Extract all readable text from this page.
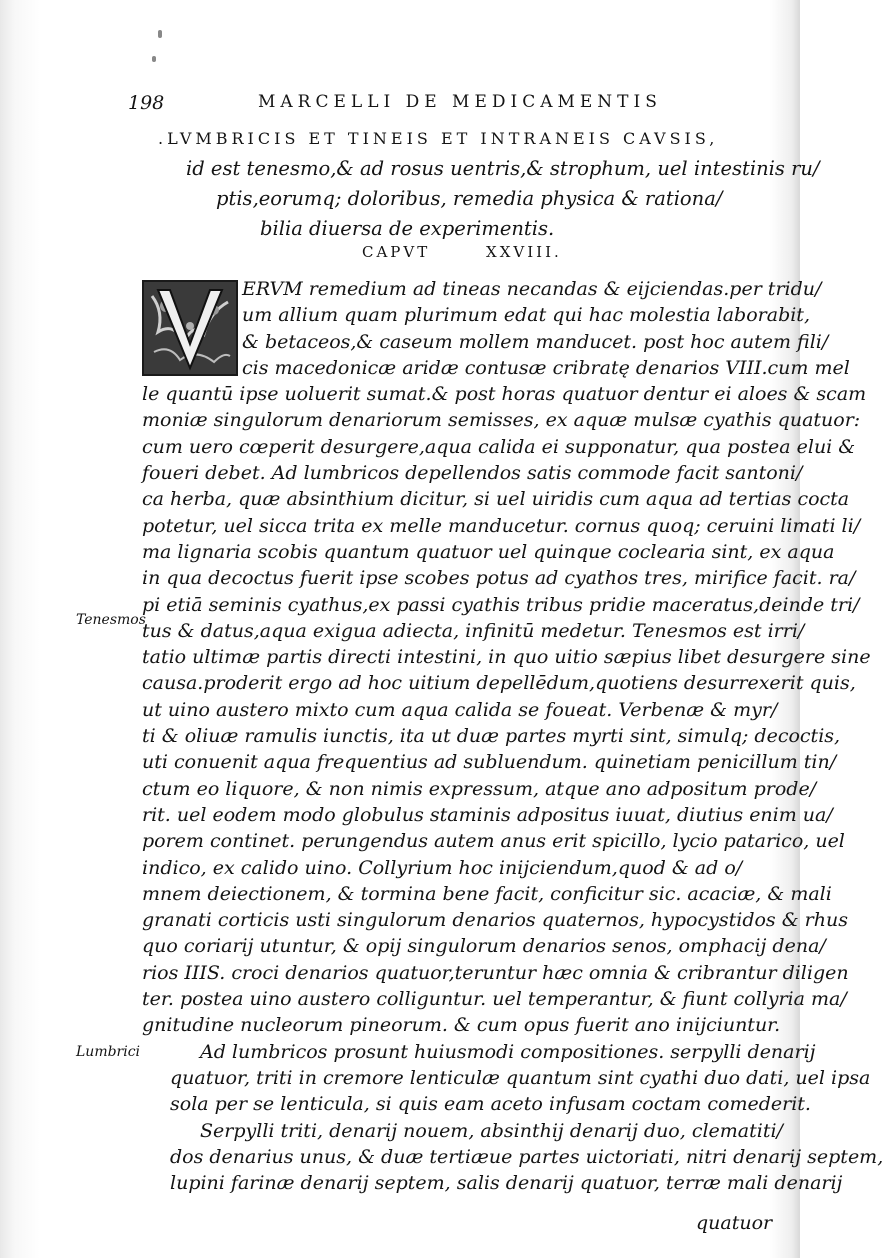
198	MARCELLI DE MEDICAMENTIS
.LVMBRICIS ET TINEIS ET INTRANEIS CAVSIS,
id est tenesmo,& ad rosus uentris,& strophum, uel intestinis ru/
ptis,eorumq; doloribus, remedia physica & rationa/
bilia diuersa de experimentis.
CAPVT	XXVIII.
ERVM remedium ad tineas necandas & eijciendas.per tridu/
um allium quam plurimum edat qui hac molestia laborabit,
& betaceos,& caseum mollem manducet. post hoc autem fili/
cis macedonicæ aridæ contusæ cribratę denarios VIII.cum mel
le quantū ipse uoluerit sumat.& post horas quatuor dentur ei aloes & scam
moniæ singulorum denariorum semisses, ex aquæ mulsæ cyathis quatuor:
cum uero cœperit desurgere,aqua calida ei supponatur, qua postea elui &
foueri debet. Ad lumbricos depellendos satis commode facit santoni/
ca herba, quæ absinthium dicitur, si uel uiridis cum aqua ad tertias cocta
potetur, uel sicca trita ex melle manducetur. cornus quoq; ceruini limati li/
ma lignaria scobis quantum quatuor uel quinque coclearia sint, ex aqua
in qua decoctus fuerit ipse scobes potus ad cyathos tres, mirifice facit. ra/
pi etiā seminis cyathus,ex passi cyathis tribus pridie maceratus,deinde tri/
tus & datus,aqua exigua adiecta, infinitū medetur. Tenesmos est irri/
tatio ultimæ partis directi intestini, in quo uitio sæpius libet desurgere sine
causa.proderit ergo ad hoc uitium depellēdum,quotiens desurrexerit quis,
ut uino austero mixto cum aqua calida se foueat. Verbenæ & myr/
ti & oliuæ ramulis iunctis, ita ut duæ partes myrti sint, simulq; decoctis,
uti conuenit aqua frequentius ad subluendum. quinetiam penicillum tin/
ctum eo liquore, & non nimis expressum, atque ano adpositum prode/
rit. uel eodem modo globulus staminis adpositus iuuat, diutius enim ua/
porem continet. perungendus autem anus erit spicillo, lycio patarico, uel
indico, ex calido uino. Collyrium hoc inijciendum,quod & ad o/
mnem deiectionem, & tormina bene facit, conficitur sic. acaciæ, & mali
granati corticis usti singulorum denarios quaternos, hypocystidos & rhus
quo coriarij utuntur, & opij singulorum denarios senos, omphacij dena/
rios IIIS. croci denarios quatuor,teruntur hæc omnia & cribrantur diligen
ter. postea uino austero colliguntur. uel temperantur, & fiunt collyria ma/
gnitudine nucleorum pineorum. & cum opus fuerit ano inijciuntur.
Ad lumbricos prosunt huiusmodi compositiones. serpylli denarij
quatuor, triti in cremore lenticulæ quantum sint cyathi duo dati, uel ipsa
sola per se lenticula, si quis eam aceto infusam coctam comederit.
Serpylli triti, denarij nouem, absinthij denarij duo, clematiti/
dos denarius unus, & duæ tertiæue partes uictoriati, nitri denarij septem,
lupini farinæ denarij septem, salis denarij quatuor, terræ mali denarij
Tenesmos
Lumbrici
quatuor
